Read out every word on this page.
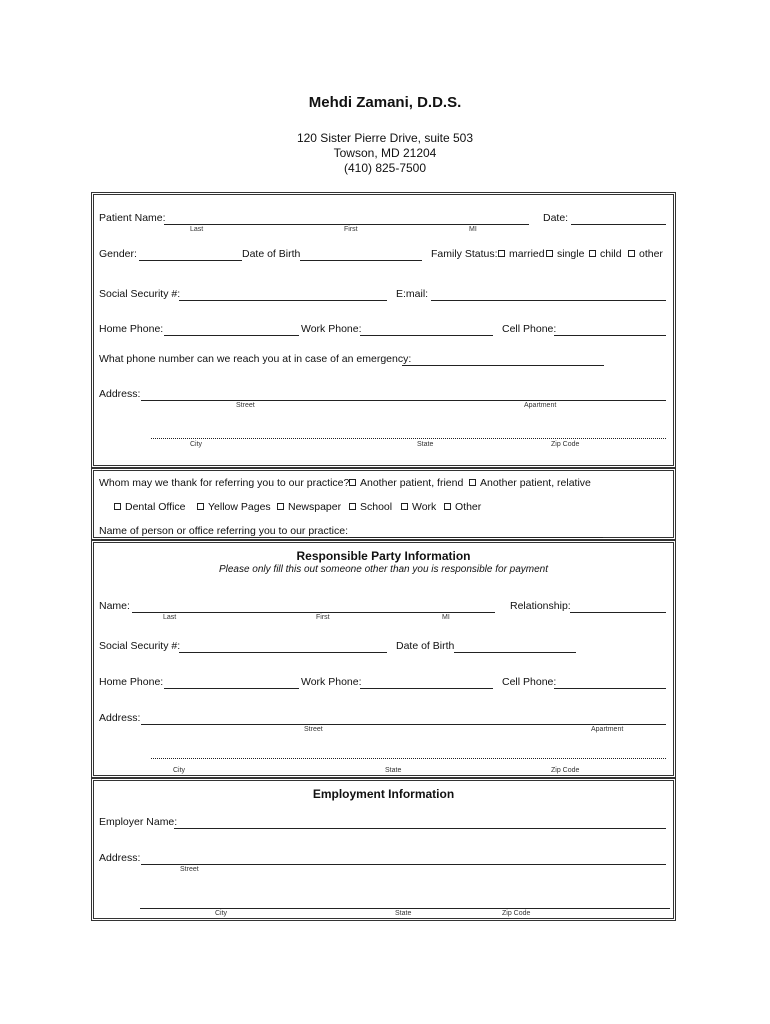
Mehdi Zamani, D.D.S.
120 Sister Pierre Drive, suite 503
Towson, MD 21204
(410) 825-7500
Patient Name:	Date:
Last	First	MI
Gender:	Date of Birth	Family Status:	married	single	child	other
Social Security #:	E:mail:
Home Phone:	Work Phone:	Cell Phone:
What phone number can we reach you at in case of an emergency:
Address:
Street	Apartment
City	State	Zip Code
Whom may we thank for referring you to our practice?	Another patient, friend	Another patient, relative
Dental Office	Yellow Pages	Newspaper	School	Work	Other
Name of person or office referring you to our practice:
Responsible Party Information
Please only fill this out someone other than you is responsible for payment
Name:	Relationship:
Last	First	MI
Social Security #:	Date of Birth
Home Phone:	Work Phone:	Cell Phone:
Address:
Street	Apartment
City	State	Zip Code
Employment Information
Employer Name:
Address:
Street
City	State	Zip Code
